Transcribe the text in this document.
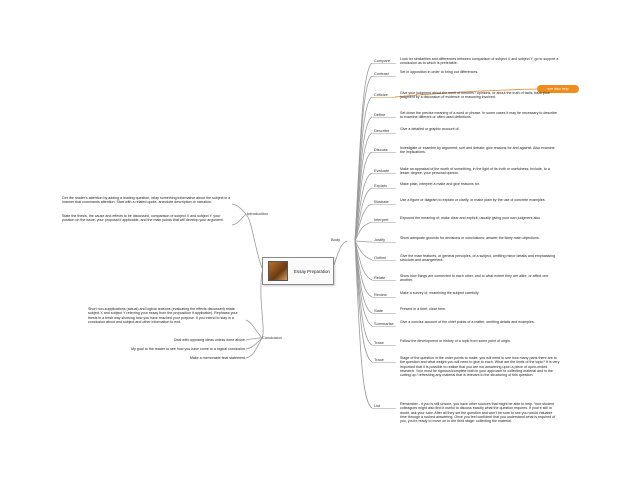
Essay Preparation
see also help
Introduction
Conclusion
Body
Get the reader's attention by adding a leading question, relay something informative about the subject in a manner that commands attention. Start with a related quote, anecdote description or narration.
State the thesis, the cause and effects to be discussed, comparison of subject X and subject Y, your position on the issue, your proposal if applicable, and the main points that will develop your argument.
Short non-supplications (actual) and logical reasons (evaluating the effects discussed) relate subject X and subject Y referring your essay from the proposition if applicable). Rephrase your thesis in a fresh way showing how you have reached your purpose. If you intend to stay in a conclusion about and subject and other information to end.
Deal with opposing ideas unless done above.
My goal to the reader to see how you have come to a logical conclusion.
Make a memorable final statement.
Compare	Look for similarities and differences between comparison of subject X and subject Y, go to support a conclusion as to which is preferable.
Contrast	Set in opposition in order to bring out differences.
Criticize	Give your judgment about the merit of theories / opinions, or about the truth of facts; back your judgment by a discussion of evidence or reasoning involved.
Define	Set down the precise meaning of a word or phrase. In some cases it may be necessary to describe to examine different or often used definitions.
Describe	Give a detailed or graphic account of.
Discuss	Investigate or examine by argument; sort and debate; give reasons for and against. Also examine the implications.
Evaluate	Make an appraisal of the worth of something, in the light of its truth or usefulness. Include, to a lesser degree, your personal opinion.
Explain	Make plain, interpret a make and give reasons for.
Illustrate	Use a figure or diagram to explain or clarify, or make plain by the use of concrete examples.
Interpret	Expound the meaning of; make clear and explicit, usually giving your own judgment also.
Justify	Show adequate grounds for decisions or conclusions; answer the likely main objections.
Outline	Give the main features, or general principles, of a subject, omitting minor details and emphasising structure and arrangement.
Relate	Show how things are connected to each other, and to what extent they are alike, or affect one another.
Review	Make a survey of, examining the subject carefully.
State	Present in a brief, clear form.
Summarise	Give a concise account of the chief points of a matter, omitting details and examples.
Trace	Follow the development or history of a topic from some point of origin.
Trace	Stage of the question in the order points to make: you will need to see how many parts there are to the question and what weight you will need to give to each. What are the limits of the topic? It is very important that it is possible to realise that you are not answering upon a piece of open-ended research. Your must be rigorous/complete both in your approach to collecting material and in the cutting up / refreshing any material that is relevant to the structuring of this question.
List	Remember - if you is still unsure, you have other sources that might be able to help. Your student colleagues might also find it useful to discuss exactly what the question requires. If you're still in doubt, ask your tutor. After all they set the question and won't be sure to see you would valuable time through a rushed answering. Once you feel confident that you understand what is required of you, you're ready to move on to the third stage: collecting the material.
